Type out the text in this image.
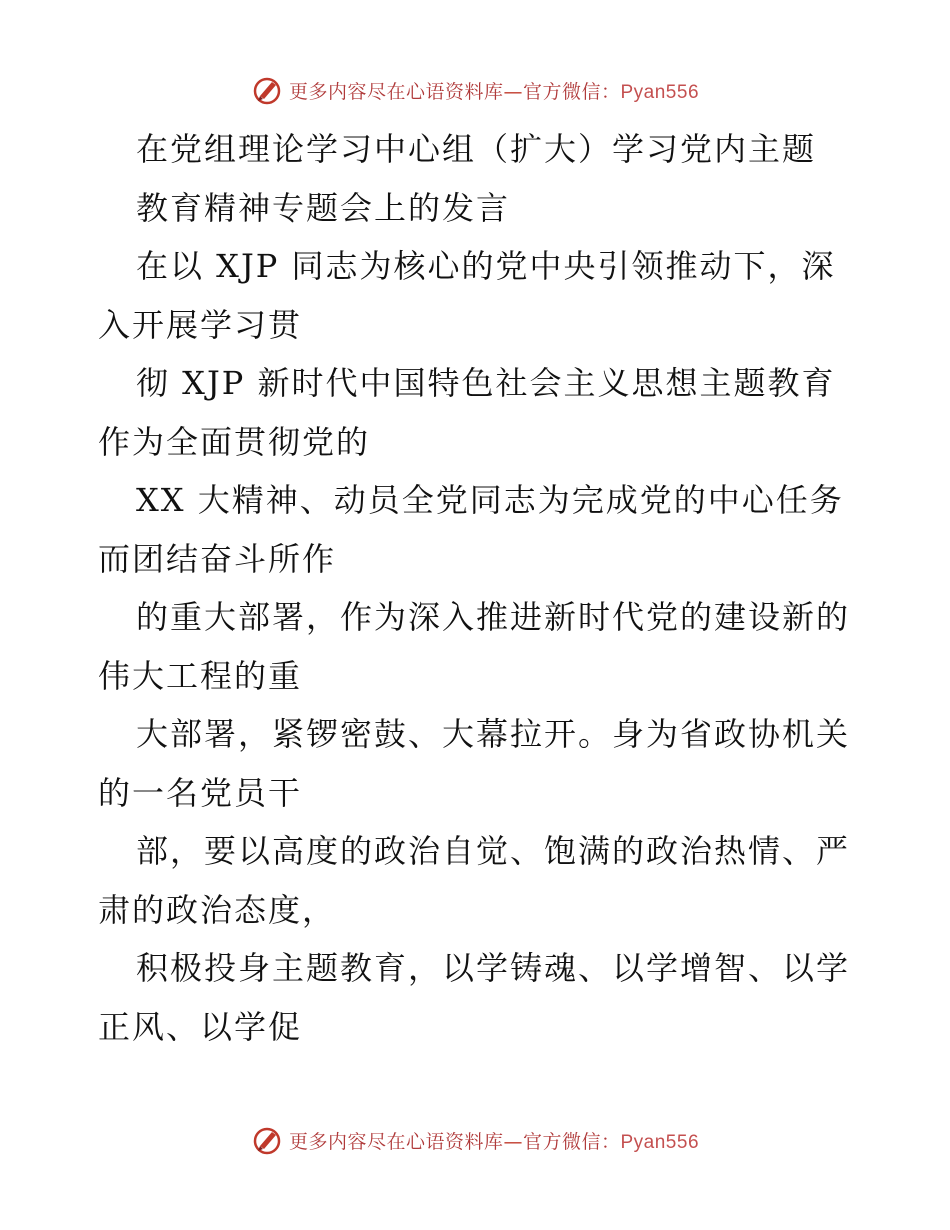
更多内容尽在心语资料库—官方微信：Pyan556
在党组理论学习中心组（扩大）学习党内主题
教育精神专题会上的发言
在以 XJP 同志为核心的党中央引领推动下，深
入开展学习贯
彻 XJP 新时代中国特色社会主义思想主题教育
作为全面贯彻党的
XX 大精神、动员全党同志为完成党的中心任务
而团结奋斗所作
的重大部署，作为深入推进新时代党的建设新的
伟大工程的重
大部署，紧锣密鼓、大幕拉开。身为省政协机关
的一名党员干
部，要以高度的政治自觉、饱满的政治热情、严
肃的政治态度，
积极投身主题教育，以学铸魂、以学增智、以学
正风、以学促
更多内容尽在心语资料库—官方微信：Pyan556
